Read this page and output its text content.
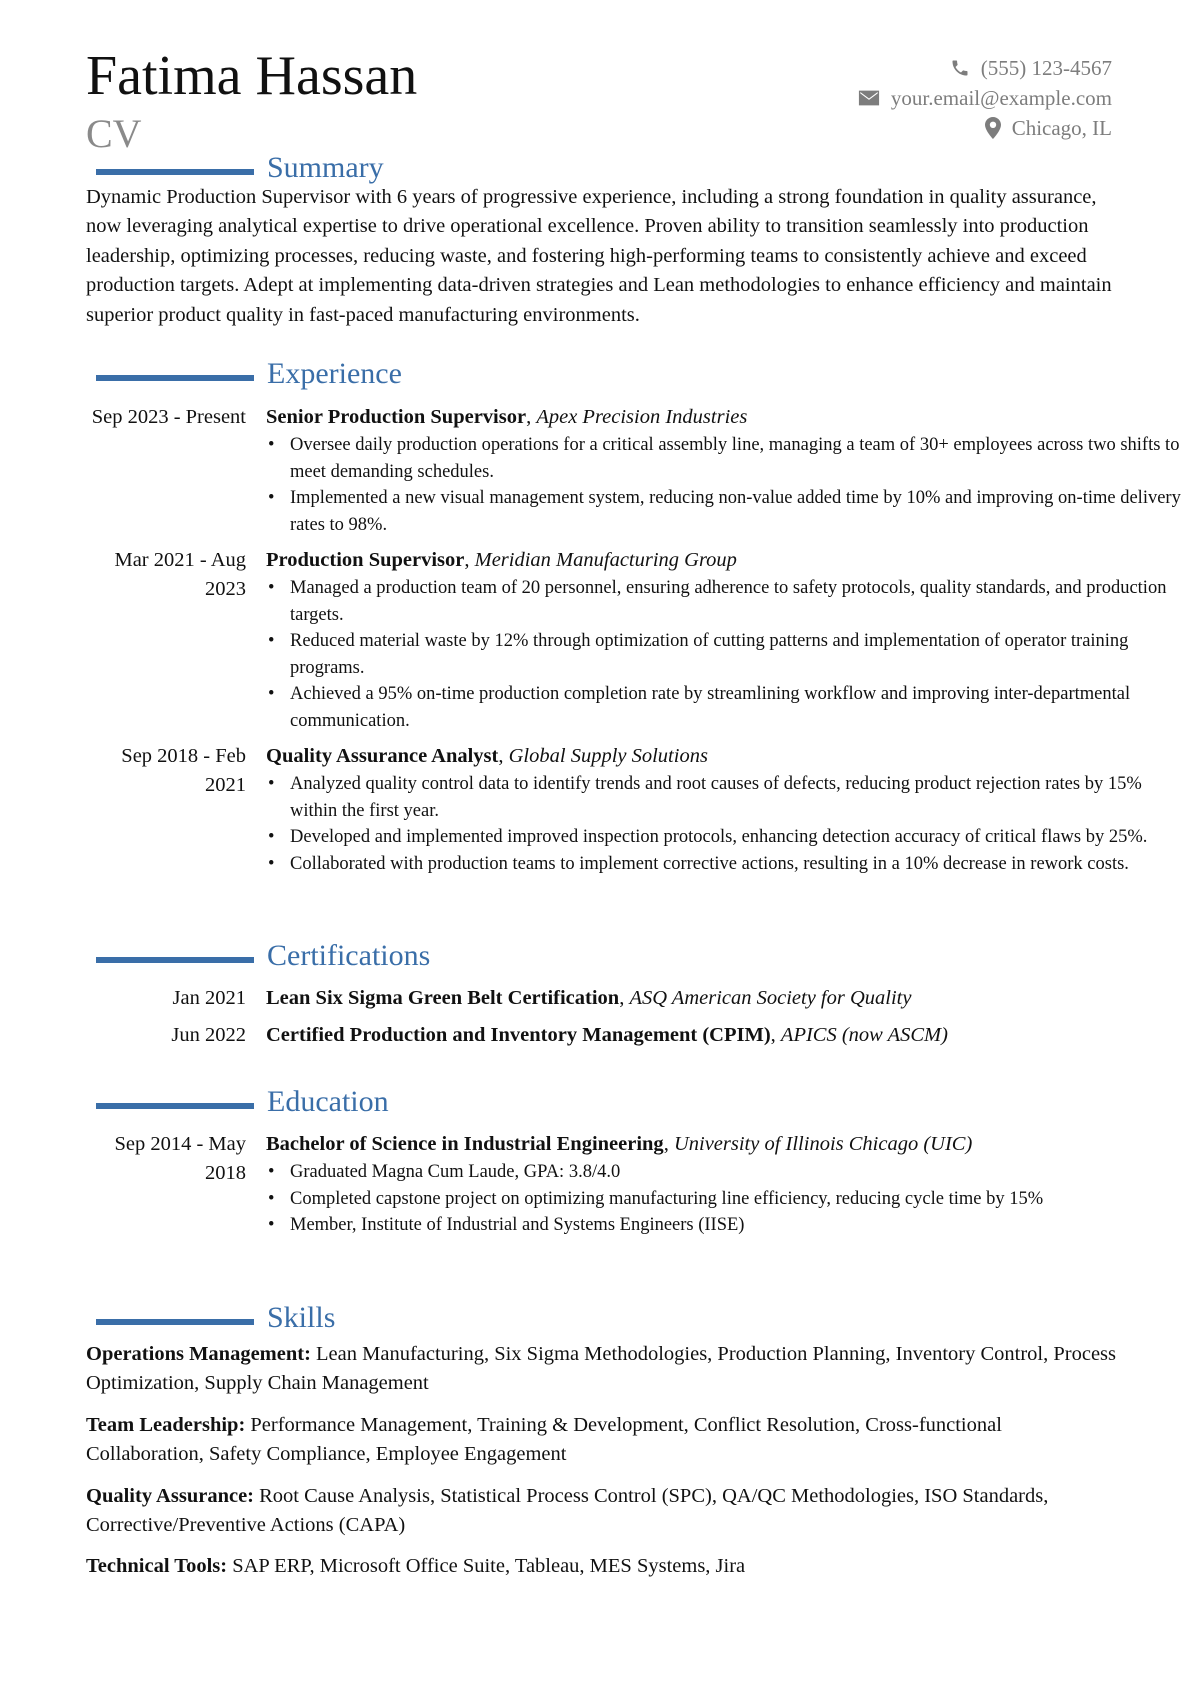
Fatima Hassan
CV
(555) 123-4567
your.email@example.com
Chicago, IL
Summary
Dynamic Production Supervisor with 6 years of progressive experience, including a strong foundation in quality assurance, now leveraging analytical expertise to drive operational excellence. Proven ability to transition seamlessly into production leadership, optimizing processes, reducing waste, and fostering high-performing teams to consistently achieve and exceed production targets. Adept at implementing data-driven strategies and Lean methodologies to enhance efficiency and maintain superior product quality in fast-paced manufacturing environments.
Experience
Sep 2023 - Present Senior Production Supervisor, Apex Precision Industries
• Oversee daily production operations for a critical assembly line, managing a team of 30+ employees across two shifts to meet demanding schedules.
• Implemented a new visual management system, reducing non-value added time by 10% and improving on-time delivery rates to 98%.
Mar 2021 - Aug 2023
Production Supervisor, Meridian Manufacturing Group
• Managed a production team of 20 personnel, ensuring adherence to safety protocols, quality standards, and production targets.
• Reduced material waste by 12% through optimization of cutting patterns and implementation of operator training programs.
• Achieved a 95% on-time production completion rate by streamlining workflow and improving inter-departmental communication.
Sep 2018 - Feb 2021
Quality Assurance Analyst, Global Supply Solutions
• Analyzed quality control data to identify trends and root causes of defects, reducing product rejection rates by 15% within the first year.
• Developed and implemented improved inspection protocols, enhancing detection accuracy of critical flaws by 25%.
• Collaborated with production teams to implement corrective actions, resulting in a 10% decrease in rework costs.
Certifications
Jan 2021 Lean Six Sigma Green Belt Certification, ASQ American Society for Quality
Jun 2022 Certified Production and Inventory Management (CPIM), APICS (now ASCM)
Education
Sep 2014 - May 2018
Bachelor of Science in Industrial Engineering, University of Illinois Chicago (UIC)
• Graduated Magna Cum Laude, GPA: 3.8/4.0
• Completed capstone project on optimizing manufacturing line efficiency, reducing cycle time by 15%
• Member, Institute of Industrial and Systems Engineers (IISE)
Skills
Operations Management: Lean Manufacturing, Six Sigma Methodologies, Production Planning, Inventory Control, Process Optimization, Supply Chain Management
Team Leadership: Performance Management, Training & Development, Conflict Resolution, Cross-functional Collaboration, Safety Compliance, Employee Engagement
Quality Assurance: Root Cause Analysis, Statistical Process Control (SPC), QA/QC Methodologies, ISO Standards, Corrective/Preventive Actions (CAPA)
Technical Tools: SAP ERP, Microsoft Office Suite, Tableau, MES Systems, Jira
